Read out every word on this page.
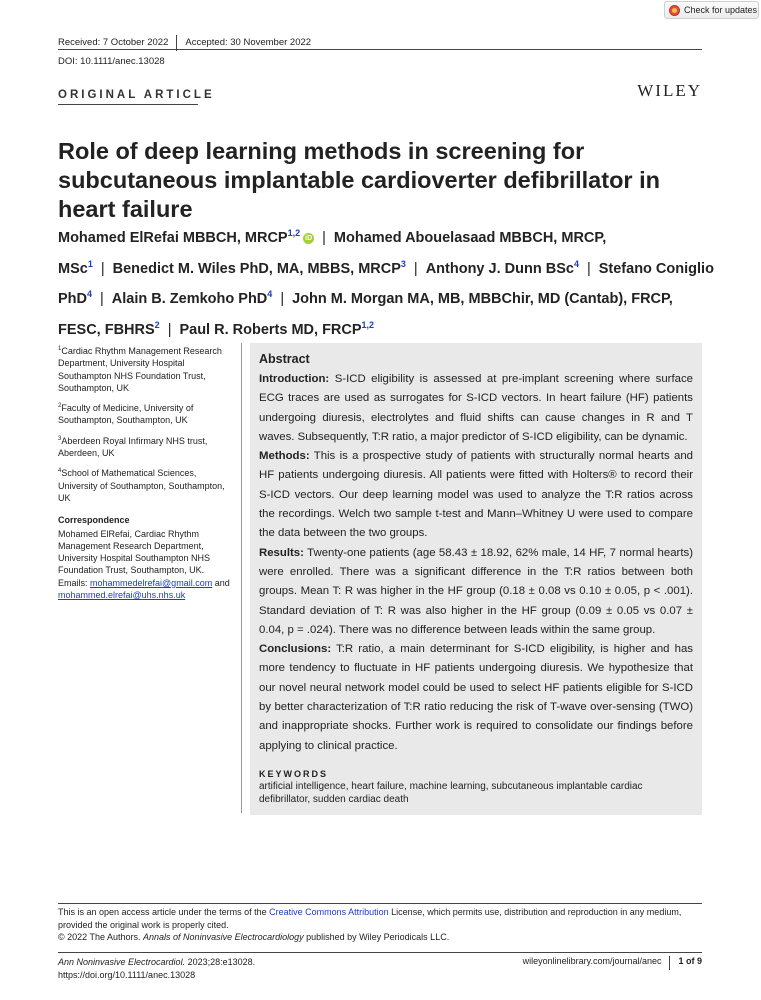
Check for updates
Received: 7 October 2022 Accepted: 30 November 2022
DOI: 10.1111/anec.13028
ORIGINAL ARTICLE	WILEY
Role of deep learning methods in screening for subcutaneous implantable cardioverter defibrillator in heart failure
Mohamed ElRefai MBBCH, MRCP$^{1,2}$ iD | Mohamed Abouelasaad MBBCH, MRCP, MSc$^1$ | Benedict M. Wiles PhD, MA, MBBS, MRCP$^3$ | Anthony J. Dunn BSc$^4$ | Stefano Coniglio PhD$^4$ | Alain B. Zemkoho PhD$^4$ | John M. Morgan MA, MB, MBBChir, MD (Cantab), FRCP, FESC, FBHRS$^2$ | Paul R. Roberts MD, FRCP$^{1,2}$

$^1$Cardiac Rhythm Management Research Department, University Hospital Southampton NHS Foundation Trust, Southampton, UK

$^2$Faculty of Medicine, University of Southampton, Southampton, UK

$^3$Aberdeen Royal Infirmary NHS trust, Aberdeen, UK

$^4$School of Mathematical Sciences, University of Southampton, Southampton, UK

Correspondence

Mohamed ElRefai, Cardiac Rhythm Management Research Department, University Hospital Southampton NHS Foundation Trust, Southampton, UK. Emails: mohammedelrefai@gmail.com and mohammed.elrefai@uhs.nhs.uk

Abstract

Introduction: S-ICD eligibility is assessed at pre-implant screening where surface ECG traces are used as surrogates for S-ICD vectors. In heart failure (HF) patients undergoing diuresis, electrolytes and fluid shifts can cause changes in R and T waves. Subsequently, T:R ratio, a major predictor of S-ICD eligibility, can be dynamic.

Methods: This is a prospective study of patients with structurally normal hearts and HF patients undergoing diuresis. All patients were fitted with Holters® to record their S-ICD vectors. Our deep learning model was used to analyze the T:R ratios across the recordings. Welch two sample t-test and Mann–Whitney U were used to compare the data between the two groups.

Results: Twenty-one patients (age 58.43 ± 18.92, 62% male, 14 HF, 7 normal hearts) were enrolled. There was a significant difference in the T:R ratios between both groups. Mean T: R was higher in the HF group (0.18 ± 0.08 vs 0.10 ± 0.05, p < .001). Standard deviation of T: R was also higher in the HF group (0.09 ± 0.05 vs 0.07 ± 0.04, p = .024). There was no difference between leads within the same group.

Conclusions: T:R ratio, a main determinant for S-ICD eligibility, is higher and has more tendency to fluctuate in HF patients undergoing diuresis. We hypothesize that our novel neural network model could be used to select HF patients eligible for S-ICD by better characterization of T:R ratio reducing the risk of T-wave over-sensing (TWO) and inappropriate shocks. Further work is required to consolidate our findings before applying to clinical practice.

KEYWORDS

artificial intelligence, heart failure, machine learning, subcutaneous implantable cardiac defibrillator, sudden cardiac death

This is an open access article under the terms of the Creative Commons Attribution License, which permits use, distribution and reproduction in any medium, provided the original work is properly cited.
© 2022 The Authors. Annals of Noninvasive Electrocardiology published by Wiley Periodicals LLC.
Ann Noninvasive Electrocardiol. 2023;28:e13028.
https://doi.org/10.1111/anec.13028
wileyonlinelibrary.com/journal/anec 1 of 9
